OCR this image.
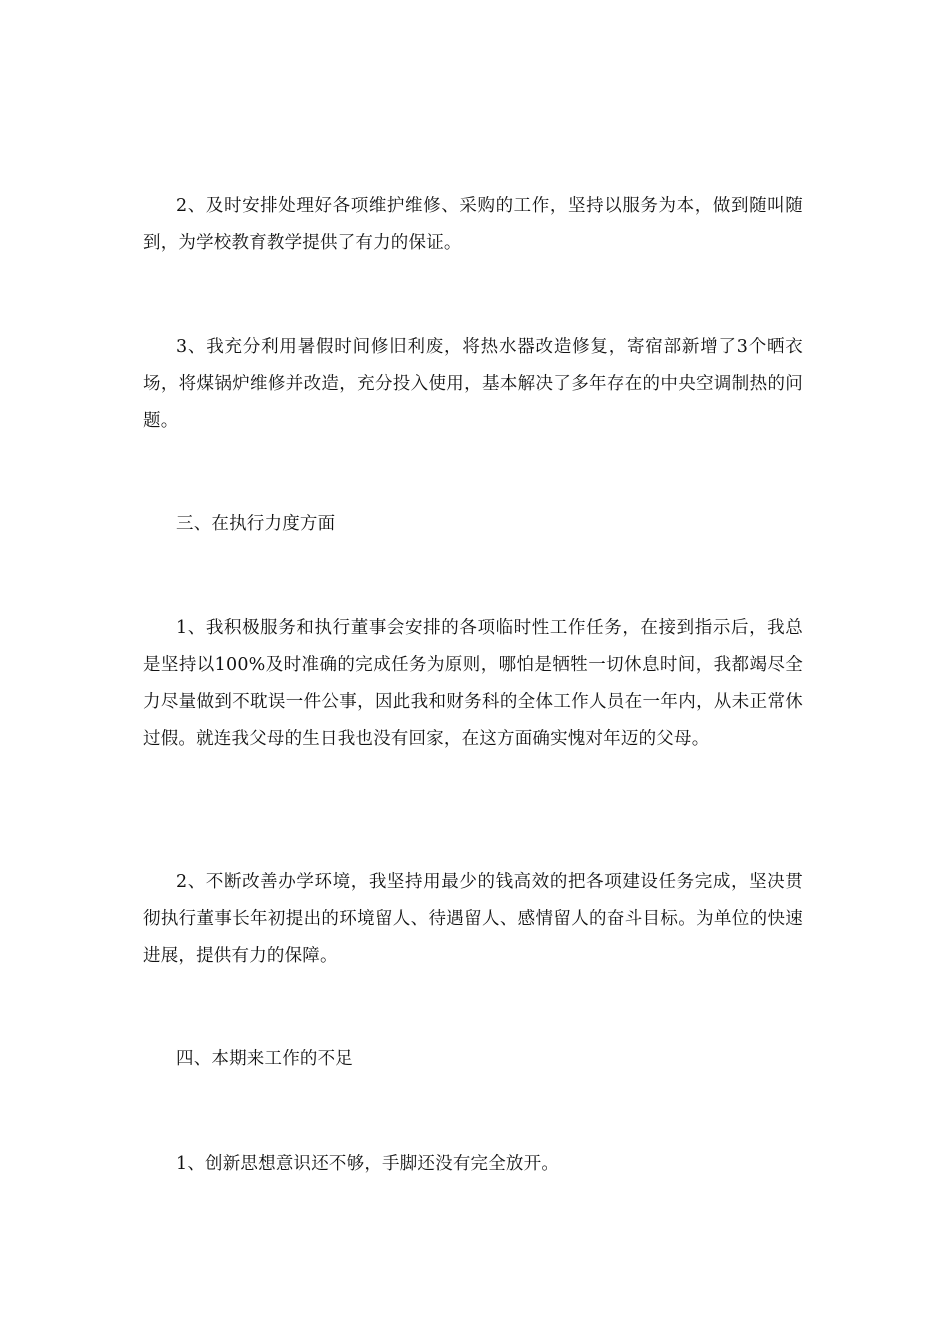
2、及时安排处理好各项维护维修、采购的工作，坚持以服务为本，做到随叫随到，为学校教育教学提供了有力的保证。

3、我充分利用暑假时间修旧利废，将热水器改造修复，寄宿部新增了3个晒衣场，将煤锅炉维修并改造，充分投入使用，基本解决了多年存在的中央空调制热的问题。

三、在执行力度方面

1、我积极服务和执行董事会安排的各项临时性工作任务，在接到指示后，我总是坚持以100%及时准确的完成任务为原则，哪怕是牺牲一切休息时间，我都竭尽全力尽量做到不耽误一件公事，因此我和财务科的全体工作人员在一年内，从未正常休过假。就连我父母的生日我也没有回家，在这方面确实愧对年迈的父母。

2、不断改善办学环境，我坚持用最少的钱高效的把各项建设任务完成，坚决贯彻执行董事长年初提出的环境留人、待遇留人、感情留人的奋斗目标。为单位的快速进展，提供有力的保障。

四、本期来工作的不足

1、创新思想意识还不够，手脚还没有完全放开。
